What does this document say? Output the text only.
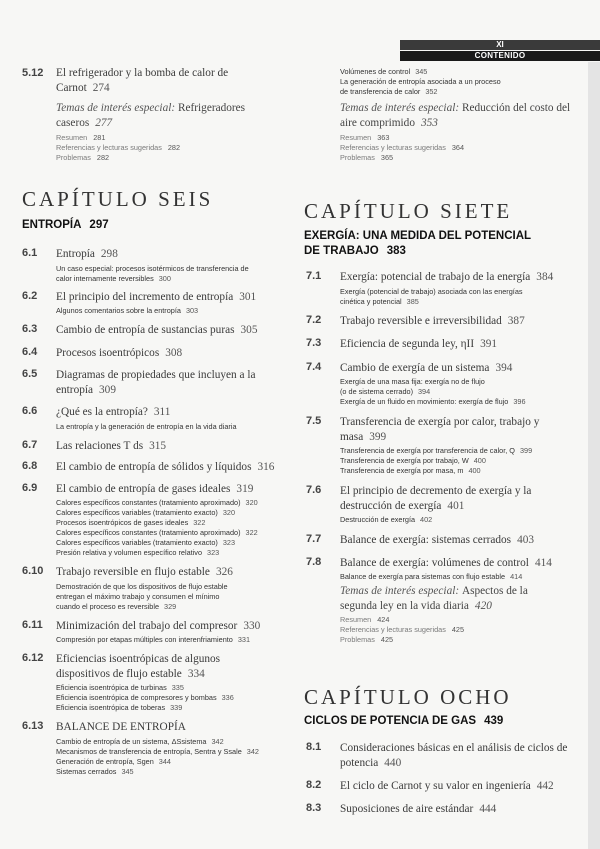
XI
CONTENIDO
5.12 El refrigerador y la bomba de calor de Carnot 274
Temas de interés especial: Refrigeradores caseros 277
Resumen 281
Referencias y lecturas sugeridas 282
Problemas 282
Volúmenes de control 345
La generación de entropía asociada a un proceso
de transferencia de calor 352
Temas de interés especial: Reducción del costo del aire comprimido 353
Resumen 363
Referencias y lecturas sugeridas 364
Problemas 365
CAPÍTULO SEIS
ENTROPÍA 297
6.1 Entropía 298
Un caso especial: procesos isotérmicos de transferencia de
calor internamente reversibles 300
6.2 El principio del incremento de entropía 301
Algunos comentarios sobre la entropía 303
6.3 Cambio de entropía de sustancias puras 305
6.4 Procesos isoentrópicos 308
6.5 Diagramas de propiedades que incluyen a la entropía 309
6.6 ¿Qué es la entropía? 311
La entropía y la generación de entropía en la vida diaria
6.7 Las relaciones T ds 315
6.8 El cambio de entropía de sólidos y líquidos 316
6.9 El cambio de entropía de gases ideales 319
Calores específicos constantes (tratamiento aproximado) 320
Calores específicos variables (tratamiento exacto) 320
Procesos isoentrópicos de gases ideales 322
Calores específicos constantes (tratamiento aproximado) 322
Calores específicos variables (tratamiento exacto) 323
Presión relativa y volumen específico relativo 323
6.10 Trabajo reversible en flujo estable 326
Demostración de que los dispositivos de flujo estable
entregan el máximo trabajo y consumen el mínimo
cuando el proceso es reversible 329
6.11 Minimización del trabajo del compresor 330
Compresión por etapas múltiples con interenfriamiento 331
6.12 Eficiencias isoentrópicas de algunos dispositivos de flujo estable 334
Eficiencia isoentrópica de turbinas 335
Eficiencia isoentrópica de compresores y bombas 336
Eficiencia isoentrópica de toberas 339
6.13 BALANCE DE ENTROPÍA
Cambio de entropía de un sistema, ΔSsistema 342
Mecanismos de transferencia de entropía, Sentra y Ssale 342
Generación de entropía, Sgen 344
Sistemas cerrados 345
CAPÍTULO SIETE
EXERGÍA: UNA MEDIDA DEL POTENCIAL
DE TRABAJO 383
7.1 Exergía: potencial de trabajo de la energía 384
Exergía (potencial de trabajo) asociada con las energías
cinética y potencial 385
7.2 Trabajo reversible e irreversibilidad 387
7.3 Eficiencia de segunda ley, ηII 391
7.4 Cambio de exergía de un sistema 394
Exergía de una masa fija: exergía no de flujo
(o de sistema cerrado) 394
Exergía de un fluido en movimiento: exergía de flujo 396
7.5 Transferencia de exergía por calor, trabajo y masa 399
Transferencia de exergía por transferencia de calor, Q 399
Transferencia de exergía por trabajo, W 400
Transferencia de exergía por masa, m 400
7.6 El principio de decremento de exergía y la destrucción de exergía 401
Destrucción de exergía 402
7.7 Balance de exergía: sistemas cerrados 403
7.8 Balance de exergía: volúmenes de control 414
Balance de exergía para sistemas con flujo estable 414
Temas de interés especial: Aspectos de la segunda ley en la vida diaria 420
Resumen 424
Referencias y lecturas sugeridas 425
Problemas 425
CAPÍTULO OCHO
CICLOS DE POTENCIA DE GAS 439
8.1 Consideraciones básicas en el análisis de ciclos de potencia 440
8.2 El ciclo de Carnot y su valor en ingeniería 442
8.3 Suposiciones de aire estándar 444
